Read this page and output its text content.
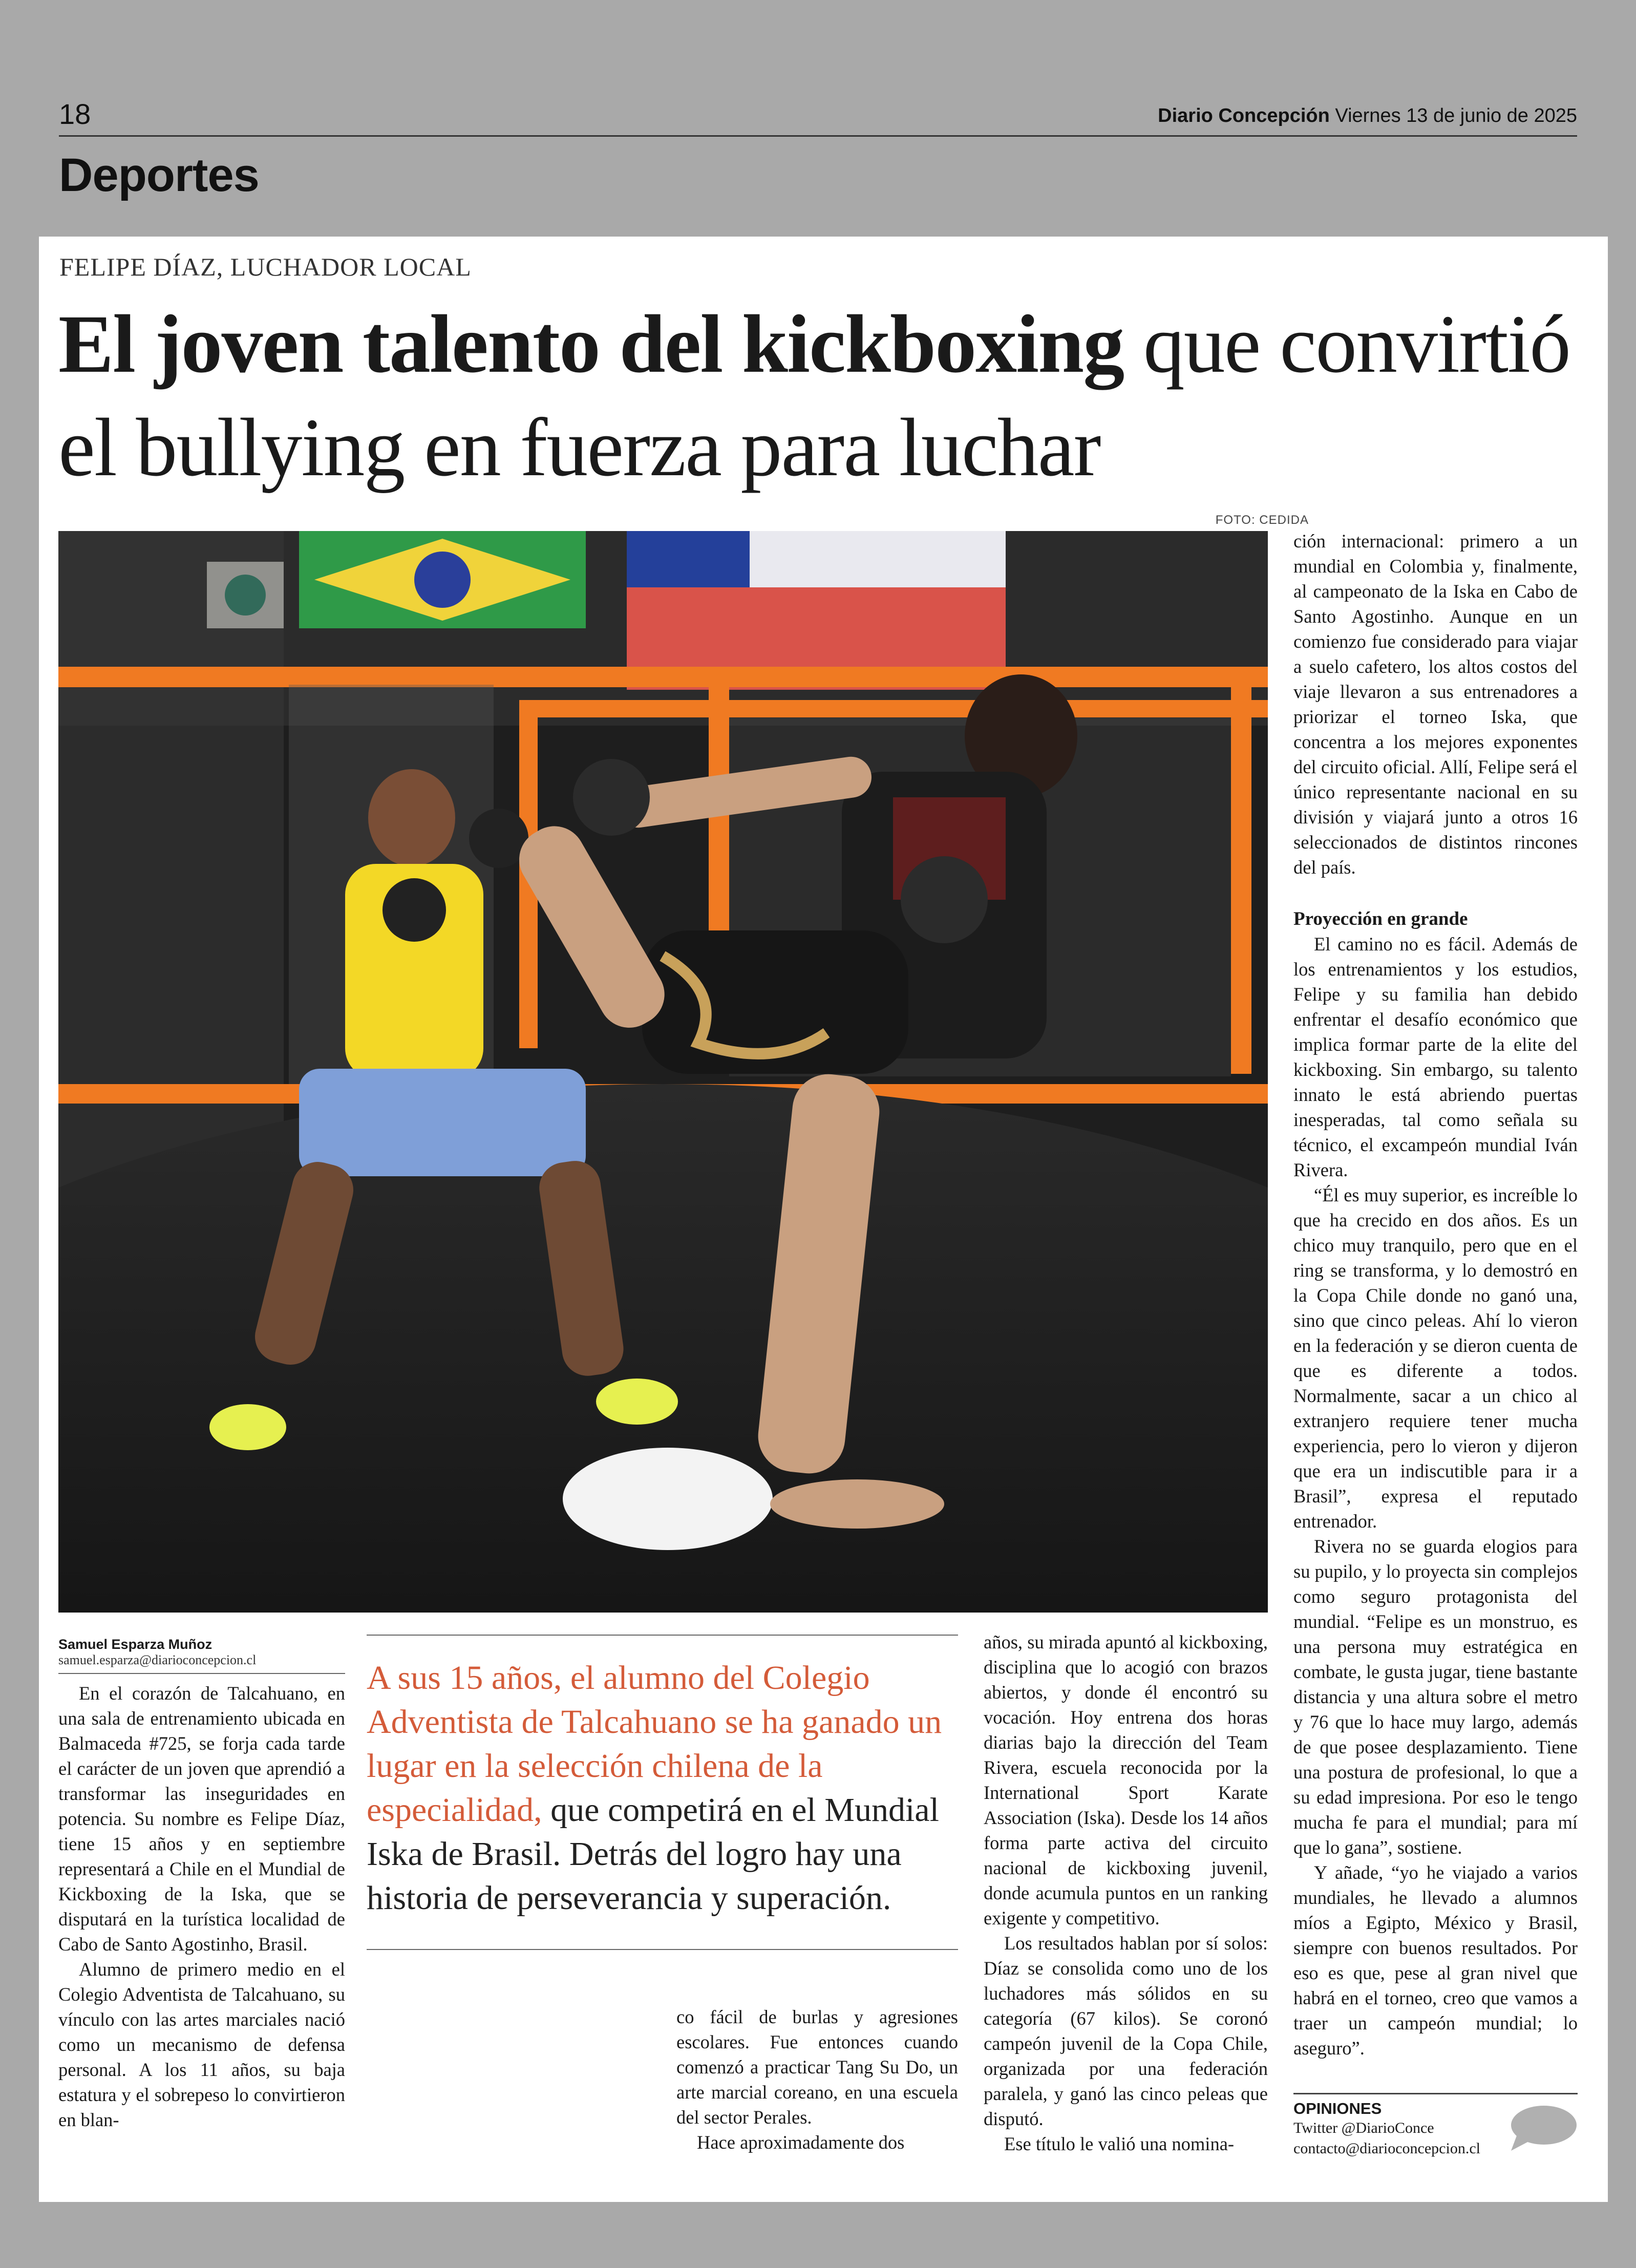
18	Diario Concepción Viernes 13 de junio de 2025
Deportes
FELIPE DÍAZ, LUCHADOR LOCAL
El joven talento del kickboxing que convirtió el bullying en fuerza para luchar
FOTO: CEDIDA
Samuel Esparza Muñoz
samuel.esparza@diarioconcepcion.cl

En el corazón de Talcahuano, en una sala de entrenamiento ubicada en Balmaceda #725, se forja cada tarde el carácter de un joven que aprendió a transformar las inseguridades en potencia. Su nombre es Felipe Díaz, tiene 15 años y en septiembre representará a Chile en el Mundial de Kickboxing de la Iska, que se disputará en la turística localidad de Cabo de Santo Agostinho, Brasil.

Alumno de primero medio en el Colegio Adventista de Talcahuano, su vínculo con las artes marciales nació como un mecanismo de defensa personal. A los 11 años, su baja estatura y el sobrepeso lo convirtieron en blan-

A sus 15 años, el alumno del Colegio Adventista de Talcahuano se ha ganado un lugar en la selección chilena de la especialidad, que competirá en el Mundial Iska de Brasil. Detrás del logro hay una historia de perseverancia y superación.

co fácil de burlas y agresiones escolares. Fue entonces cuando comenzó a practicar Tang Su Do, un arte marcial coreano, en una escuela del sector Perales.

Hace aproximadamente dos

años, su mirada apuntó al kickboxing, disciplina que lo acogió con brazos abiertos, y donde él encontró su vocación. Hoy entrena dos horas diarias bajo la dirección del Team Rivera, escuela reconocida por la International Sport Karate Association (Iska). Desde los 14 años forma parte activa del circuito nacional de kickboxing juvenil, donde acumula puntos en un ranking exigente y competitivo.

Los resultados hablan por sí solos: Díaz se consolida como uno de los luchadores más sólidos en su categoría (67 kilos). Se coronó campeón juvenil de la Copa Chile, organizada por una federación paralela, y ganó las cinco peleas que disputó.

Ese título le valió una nomina-

ción internacional: primero a un mundial en Colombia y, finalmente, al campeonato de la Iska en Cabo de Santo Agostinho. Aunque en un comienzo fue considerado para viajar a suelo cafetero, los altos costos del viaje llevaron a sus entrenadores a priorizar el torneo Iska, que concentra a los mejores exponentes del circuito oficial. Allí, Felipe será el único representante nacional en su división y viajará junto a otros 16 seleccionados de distintos rincones del país.

Proyección en grande

El camino no es fácil. Además de los entrenamientos y los estudios, Felipe y su familia han debido enfrentar el desafío económico que implica formar parte de la elite del kickboxing. Sin embargo, su talento innato le está abriendo puertas inesperadas, tal como señala su técnico, el excampeón mundial Iván Rivera.

“Él es muy superior, es increíble lo que ha crecido en dos años. Es un chico muy tranquilo, pero que en el ring se transforma, y lo demostró en la Copa Chile donde no ganó una, sino que cinco peleas. Ahí lo vieron en la federación y se dieron cuenta de que es diferente a todos. Normalmente, sacar a un chico al extranjero requiere tener mucha experiencia, pero lo vieron y dijeron que era un indiscutible para ir a Brasil”, expresa el reputado entrenador.

Rivera no se guarda elogios para su pupilo, y lo proyecta sin complejos como seguro protagonista del mundial. “Felipe es un monstruo, es una persona muy estratégica en combate, le gusta jugar, tiene bastante distancia y una altura sobre el metro y 76 que lo hace muy largo, además de que posee desplazamiento. Tiene una postura de profesional, lo que a su edad impresiona. Por eso le tengo mucha fe para el mundial; para mí que lo gana”, sostiene.

Y añade, “yo he viajado a varios mundiales, he llevado a alumnos míos a Egipto, México y Brasil, siempre con buenos resultados. Por eso es que, pese al gran nivel que habrá en el torneo, creo que vamos a traer un campeón mundial; lo aseguro”.

OPINIONES
Twitter @DiarioConce
contacto@diarioconcepcion.cl
